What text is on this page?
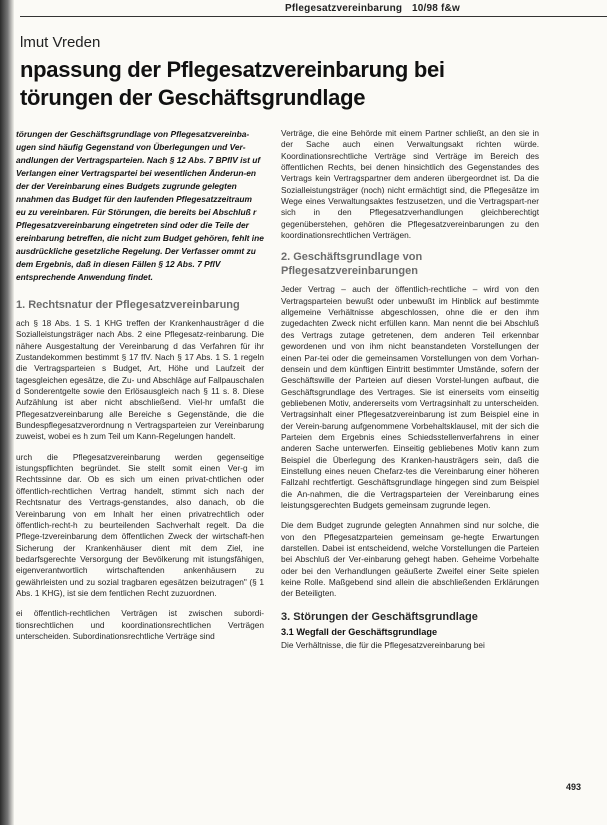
Pflegesatzvereinbarung 10/98 f&w
lmut Vreden
npassung der Pflegesatzvereinbarung bei
törungen der Geschäftsgrundlage
törungen der Geschäftsgrundlage von Pflegesatzvereinba-ugen sind häufig Gegenstand von Überlegungen und Ver-andlungen der Vertragsparteien. Nach § 12 Abs. 7 BPflV ist uf Verlangen einer Vertragspartei bei wesentlichen Änderun-en der der Vereinbarung eines Budgets zugrunde gelegten nnahmen das Budget für den laufenden Pflegesatzzeitraum eu zu vereinbaren. Für Störungen, die bereits bei Abschluß r Pflegesatzvereinbarung eingetreten sind oder die Teile der ereinbarung betreffen, die nicht zum Budget gehören, fehlt ine ausdrückliche gesetzliche Regelung. Der Verfasser ommt zu dem Ergebnis, daß in diesen Fällen § 12 Abs. 7 PflV entsprechende Anwendung findet.
1. Rechtsnatur der Pflegesatzvereinbarung

ach § 18 Abs. 1 S. 1 KHG treffen der Krankenhausträger d die Sozialleistungsträger nach Abs. 2 eine Pflegesatz-reinbarung. Die nähere Ausgestaltung der Vereinbarung d das Verfahren für ihr Zustandekommen bestimmt § 17 flV. Nach § 17 Abs. 1 S. 1 regeln die Vertragsparteien s Budget, Art, Höhe und Laufzeit der tagesgleichen egesätze, die Zu- und Abschläge auf Fallpauschalen d Sonderentgelte sowie den Erlösausgleich nach § 11 s. 8. Diese Aufzählung ist aber nicht abschließend. Viel-hr umfaßt die Pflegesatzvereinbarung alle Bereiche s Gegenstände, die die Bundespflegesatzverordnung n Vertragsparteien zur Vereinbarung zuweist, wobei es h zum Teil um Kann-Regelungen handelt.

urch die Pflegesatzvereinbarung werden gegenseitige istungspflichten begründet. Sie stellt somit einen Ver-g im Rechtssinne dar. Ob es sich um einen privat-chtlichen oder öffentlich-rechtlichen Vertrag handelt, stimmt sich nach der Rechtsnatur des Vertrags-genstandes, also danach, ob die Vereinbarung von em Inhalt her einen privatrechtlich oder öffentlich-recht-h zu beurteilenden Sachverhalt regelt. Da die Pflege-tzvereinbarung dem öffentlichen Zweck der wirtschaft-hen Sicherung der Krankenhäuser dient mit dem Ziel, ine bedarfsgerechte Versorgung der Bevölkerung mit istungsfähigen, eigenverantwortlich wirtschaftenden ankenhäusern zu gewährleisten und zu sozial tragbaren egesätzen beizutragen" (§ 1 Abs. 1 KHG), ist sie dem fentlichen Recht zuzuordnen.

ei öffentlich-rechtlichen Verträgen ist zwischen subordi-tionsrechtlichen und koordinationsrechtlichen Verträgen unterscheiden. Subordinationsrechtliche Verträge sind

Verträge, die eine Behörde mit einem Partner schließt, an den sie in der Sache auch einen Verwaltungsakt richten würde. Koordinationsrechtliche Verträge sind Verträge im Bereich des öffentlichen Rechts, bei denen hinsichtlich des Gegenstandes des Vertrags kein Vertragspartner dem anderen übergeordnet ist. Da die Sozialleistungsträger (noch) nicht ermächtigt sind, die Pflegesätze im Wege eines Verwaltungsaktes festzusetzen, und die Vertragspart-ner sich in den Pflegesatzverhandlungen gleichberechtigt gegenüberstehen, gehören die Pflegesatzvereinbarungen zu den koordinationsrechtlichen Verträgen.

2. Geschäftsgrundlage von Pflegesatzvereinbarungen

Jeder Vertrag – auch der öffentlich-rechtliche – wird von den Vertragsparteien bewußt oder unbewußt im Hinblick auf bestimmte allgemeine Verhältnisse abgeschlossen, ohne die er den ihm zugedachten Zweck nicht erfüllen kann. Man nennt die bei Abschluß des Vertrags zutage getretenen, dem anderen Teil erkennbar gewordenen und von ihm nicht beanstandeten Vorstellungen der einen Par-tei oder die gemeinsamen Vorstellungen von dem Vorhan-densein und dem künftigen Eintritt bestimmter Umstände, sofern der Geschäftswille der Parteien auf diesen Vorstel-lungen aufbaut, die Geschäftsgrundlage des Vertrages. Sie ist einerseits vom einseitig gebliebenen Motiv, andererseits vom Vertragsinhalt zu unterscheiden. Vertragsinhalt einer Pflegesatzvereinbarung ist zum Beispiel eine in der Verein-barung aufgenommene Vorbehaltsklausel, mit der sich die Parteien dem Ergebnis eines Schiedsstellenverfahrens in einer anderen Sache unterwerfen. Einseitig gebliebenes Motiv kann zum Beispiel die Überlegung des Kranken-hausträgers sein, daß die Einstellung eines neuen Chefarz-tes die Vereinbarung einer höheren Fallzahl rechtfertigt. Geschäftsgrundlage hingegen sind zum Beispiel die An-nahmen, die die Vertragsparteien der Vereinbarung eines leistungsgerechten Budgets gemeinsam zugrunde legen.

Die dem Budget zugrunde gelegten Annahmen sind nur solche, die von den Pflegesatzparteien gemeinsam ge-hegte Erwartungen darstellen. Dabei ist entscheidend, welche Vorstellungen die Parteien bei Abschluß der Ver-einbarung gehegt haben. Geheime Vorbehalte oder bei den Verhandlungen geäußerte Zweifel einer Seite spielen keine Rolle. Maßgebend sind allein die abschließenden Erklärungen der Beteiligten.

3. Störungen der Geschäftsgrundlage
3.1 Wegfall der Geschäftsgrundlage

Die Verhältnisse, die für die Pflegesatzvereinbarung bei

493
